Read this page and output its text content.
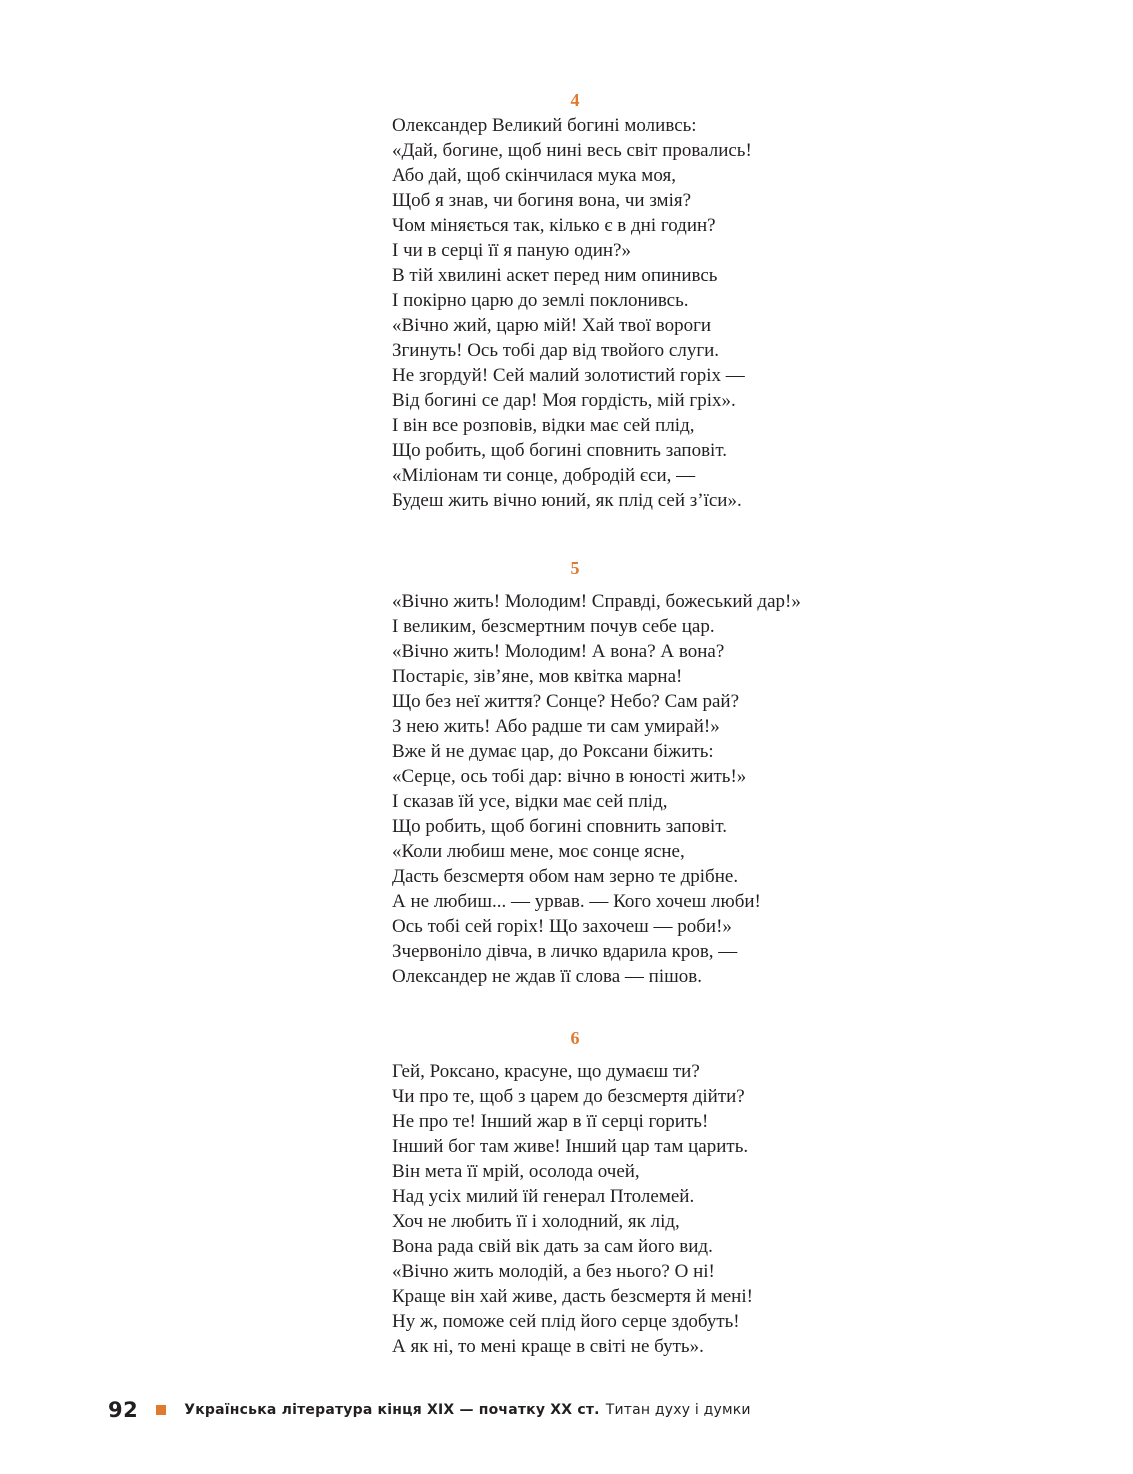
4
Олександер Великий богині моливсь:
«Дай, богине, щоб нині весь світ провались!
Або дай, щоб скінчилася мука моя,
Щоб я знав, чи богиня вона, чи змія?
Чом міняється так, кілько є в дні годин?
І чи в серці її я паную один?»
В тій хвилині аскет перед ним опинивсь
І покірно царю до землі поклонивсь.
«Вічно жий, царю мій! Хай твої вороги
Згинуть! Ось тобі дар від твойого слуги.
Не згордуй! Сей малий золотистий горіх —
Від богині се дар! Моя гордість, мій гріх».
І він все розповів, відки має сей плід,
Що робить, щоб богині сповнить заповіт.
«Міліонам ти сонце, добродій єси, —
Будеш жить вічно юний, як плід сей з’їси».
5
«Вічно жить! Молодим! Справді, божеський дар!»
І великим, безсмертним почув себе цар.
«Вічно жить! Молодим! А вона? А вона?
Постаріє, зів’яне, мов квітка марна!
Що без неї життя? Сонце? Небо? Сам рай?
З нею жить! Або радше ти сам умирай!»
Вже й не думає цар, до Роксани біжить:
«Серце, ось тобі дар: вічно в юності жить!»
І сказав їй усе, відки має сей плід,
Що робить, щоб богині сповнить заповіт.
«Коли любиш мене, моє сонце ясне,
Дасть безсмертя обом нам зерно те дрібне.
А не любиш... — урвав. — Кого хочеш люби!
Ось тобі сей горіх! Що захочеш — роби!»
Зчервоніло дівча, в личко вдарила кров, —
Олександер не ждав її слова — пішов.
6
Гей, Роксано, красуне, що думаєш ти?
Чи про те, щоб з царем до безсмертя дійти?
Не про те! Інший жар в її серці горить!
Інший бог там живе! Інший цар там царить.
Він мета її мрій, осолода очей,
Над усіх милий їй генерал Птолемей.
Хоч не любить її і холодний, як лід,
Вона рада свій вік дать за сам його вид.
«Вічно жить молодій, а без нього? О ні!
Краще він хай живе, дасть безсмертя й мені!
Ну ж, поможе сей плід його серце здобуть!
А як ні, то мені краще в світі не буть».
92	Українська література кінця XIX — початку XX ст. Титан духу і думки
